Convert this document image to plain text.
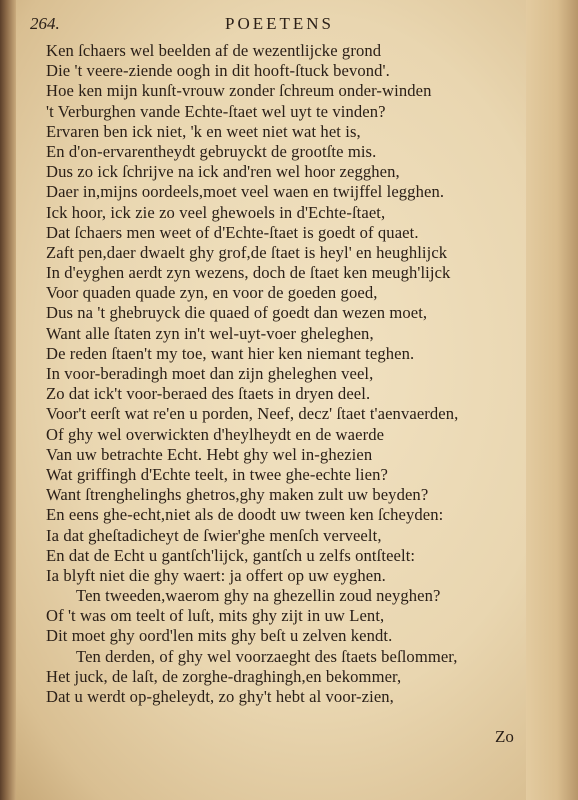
264.	POEETENS
Ken ſchaers wel beelden af de wezentlijcke grond
Die 't veere-ziende oogh in dit hooft-ſtuck bevond'.
Hoe ken mijn kunſt-vrouw zonder ſchreum onder-winden
't Verburghen vande Echte-ſtaet wel uyt te vinden?
Ervaren ben ick niet, 'k en weet niet wat het is,
En d'on-ervarentheydt gebruyckt de grootſte mis.
Dus zo ick ſchrijve na ick and'ren wel hoor zegghen,
Daer in,mijns oordeels,moet veel waen en twijffel legghen.
Ick hoor, ick zie zo veel ghewoels in d'Echte-ſtaet,
Dat ſchaers men weet of d'Echte-ſtaet is goedt of quaet.
Zaft pen,daer dwaelt ghy grof,de ſtaet is heyl' en heughlijck
In d'eyghen aerdt zyn wezens, doch de ſtaet ken meugh'lijck
Voor quaden quade zyn, en voor de goeden goed,
Dus na 't ghebruyck die quaed of goedt dan wezen moet,
Want alle ſtaten zyn in't wel-uyt-voer gheleghen,
De reden ſtaen't my toe, want hier ken niemant teghen.
In voor-beradingh moet dan zijn gheleghen veel,
Zo dat ick't voor-beraed des ſtaets in dryen deel.
Voor't eerſt wat re'en u porden, Neef, decz' ſtaet t'aenvaerden,
Of ghy wel overwickten d'heylheydt en de waerde
Van uw betrachte Echt. Hebt ghy wel in-ghezien
Wat griffingh d'Echte teelt, in twee ghe-echte lien?
Want ſtrenghelinghs ghetros,ghy maken zult uw beyden?
En eens ghe-echt,niet als de doodt uw tween ken ſcheyden:
Ia dat gheſtadicheyt de ſwier'ghe menſch verveelt,
En dat de Echt u gantſch'lijck, gantſch u zelfs ontſteelt:
Ia blyft niet die ghy waert: ja offert op uw eyghen.
Ten tweeden,waerom ghy na ghezellin zoud neyghen?
Of 't was om teelt of luſt, mits ghy zijt in uw Lent,
Dit moet ghy oord'len mits ghy beſt u zelven kendt.
Ten derden, of ghy wel voorzaeght des ſtaets beſlommer,
Het juck, de laſt, de zorghe-draghingh,en bekommer,
Dat u werdt op-gheleydt, zo ghy't hebt al voor-zien,
Zo
